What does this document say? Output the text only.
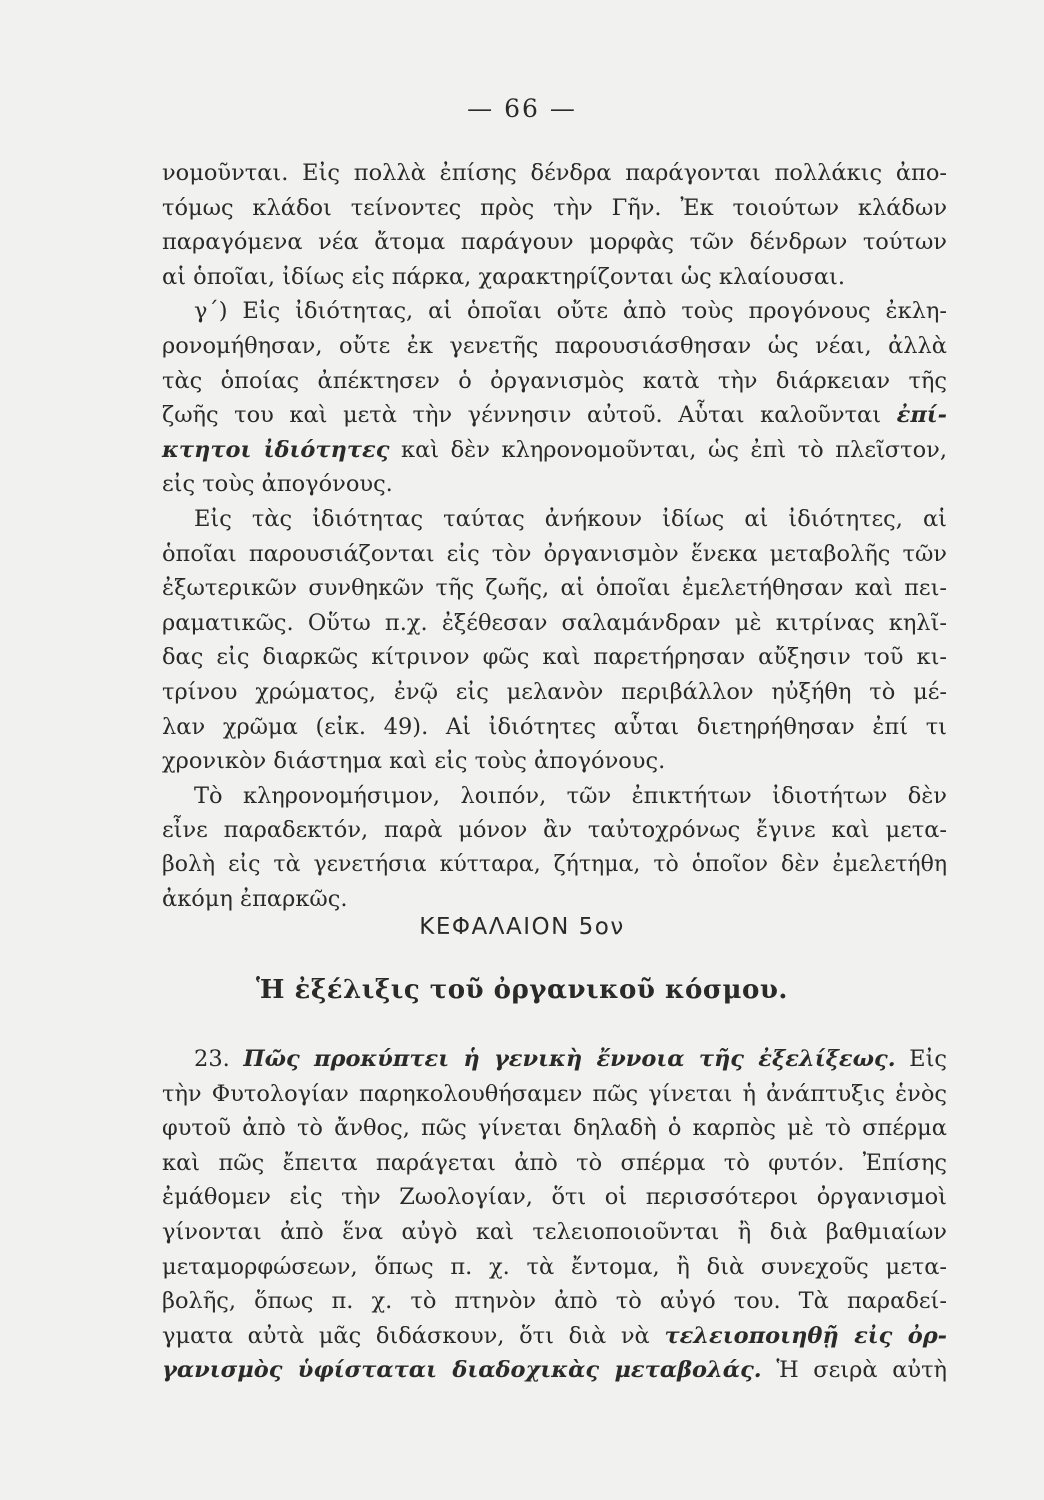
— 66 —
νομοῦνται. Εἰς πολλὰ ἐπίσης δένδρα παράγονται πολλάκις ἀπο-
τόμως κλάδοι τείνοντες πρὸς τὴν Γῆν. Ἐκ τοιούτων κλάδων
παραγόμενα νέα ἄτομα παράγουν μορφὰς τῶν δένδρων τούτων
αἱ ὁποῖαι, ἰδίως εἰς πάρκα, χαρακτηρίζονται ὡς κλαίουσαι.
γ΄) Εἰς ἰδιότητας, αἱ ὁποῖαι οὔτε ἀπὸ τοὺς προγόνους ἐκλη-
ρονομήθησαν, οὔτε ἐκ γενετῆς παρουσιάσθησαν ὡς νέαι, ἀλλὰ
τὰς ὁποίας ἀπέκτησεν ὁ ὀργανισμὸς κατὰ τὴν διάρκειαν τῆς
ζωῆς του καὶ μετὰ τὴν γέννησιν αὐτοῦ. Αὗται καλοῦνται ἐπί-
κτητοι ἰδιότητες καὶ δὲν κληρονομοῦνται, ὡς ἐπὶ τὸ πλεῖστον,
εἰς τοὺς ἀπογόνους.
Εἰς τὰς ἰδιότητας ταύτας ἀνήκουν ἰδίως αἱ ἰδιότητες, αἱ
ὁποῖαι παρουσιάζονται εἰς τὸν ὀργανισμὸν ἕνεκα μεταβολῆς τῶν
ἐξωτερικῶν συνθηκῶν τῆς ζωῆς, αἱ ὁποῖαι ἐμελετήθησαν καὶ πει-
ραματικῶς. Οὕτω π.χ. ἐξέθεσαν σαλαμάνδραν μὲ κιτρίνας κηλῖ-
δας εἰς διαρκῶς κίτρινον φῶς καὶ παρετήρησαν αὔξησιν τοῦ κι-
τρίνου χρώματος, ἐνῷ εἰς μελανὸν περιβάλλον ηὐξήθη τὸ μέ-
λαν χρῶμα (εἰκ. 49). Αἱ ἰδιότητες αὗται διετηρήθησαν ἐπί τι
χρονικὸν διάστημα καὶ εἰς τοὺς ἀπογόνους.
Τὸ κληρονομήσιμον, λοιπόν, τῶν ἐπικτήτων ἰδιοτήτων δὲν
εἶνε παραδεκτόν, παρὰ μόνον ἂν ταὐτοχρόνως ἔγινε καὶ μετα-
βολὴ εἰς τὰ γενετήσια κύτταρα, ζήτημα, τὸ ὁποῖον δὲν ἐμελετήθη
ἀκόμη ἐπαρκῶς.
ΚΕΦΑΛΑΙΟΝ 5ον
Ἡ ἐξέλιξις τοῦ ὀργανικοῦ κόσμου.
23. Πῶς προκύπτει ἡ γενικὴ ἔννοια τῆς ἐξελίξεως. Εἰς
τὴν Φυτολογίαν παρηκολουθήσαμεν πῶς γίνεται ἡ ἀνάπτυξις ἑνὸς
φυτοῦ ἀπὸ τὸ ἄνθος, πῶς γίνεται δηλαδὴ ὁ καρπὸς μὲ τὸ σπέρμα
καὶ πῶς ἔπειτα παράγεται ἀπὸ τὸ σπέρμα τὸ φυτόν. Ἐπίσης
ἐμάθομεν εἰς τὴν Ζωολογίαν, ὅτι οἱ περισσότεροι ὀργανισμοὶ
γίνονται ἀπὸ ἕνα αὐγὸ καὶ τελειοποιοῦνται ἢ διὰ βαθμιαίων
μεταμορφώσεων, ὅπως π. χ. τὰ ἔντομα, ἢ διὰ συνεχοῦς μετα-
βολῆς, ὅπως π. χ. τὸ πτηνὸν ἀπὸ τὸ αὐγό του. Τὰ παραδεί-
γματα αὐτὰ μᾶς διδάσκουν, ὅτι διὰ νὰ τελειοποιηθῇ εἰς ὀρ-
γανισμὸς ὑφίσταται διαδοχικὰς μεταβολάς. Ἡ σειρὰ αὐτὴ
